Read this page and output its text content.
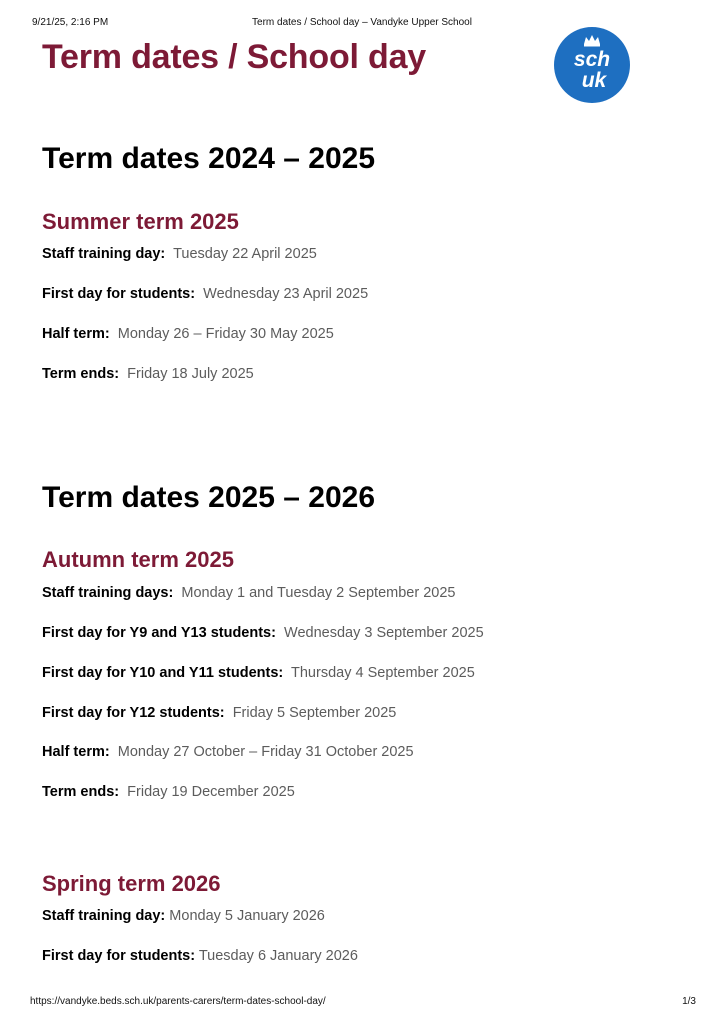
9/21/25, 2:16 PM	Term dates / School day – Vandyke Upper School
Term dates / School day	sch
uk
Term dates 2024 – 2025
Summer term 2025
Staff training day: Tuesday 22 April 2025
First day for students: Wednesday 23 April 2025
Half term: Monday 26 – Friday 30 May 2025
Term ends: Friday 18 July 2025
Term dates 2025 – 2026
Autumn term 2025
Staff training days: Monday 1 and Tuesday 2 September 2025
First day for Y9 and Y13 students: Wednesday 3 September 2025
First day for Y10 and Y11 students: Thursday 4 September 2025
First day for Y12 students: Friday 5 September 2025
Half term: Monday 27 October – Friday 31 October 2025
Term ends: Friday 19 December 2025
Spring term 2026
Staff training day: Monday 5 January 2026
First day for students: Tuesday 6 January 2026
https://vandyke.beds.sch.uk/parents-carers/term-dates-school-day/	1/3
